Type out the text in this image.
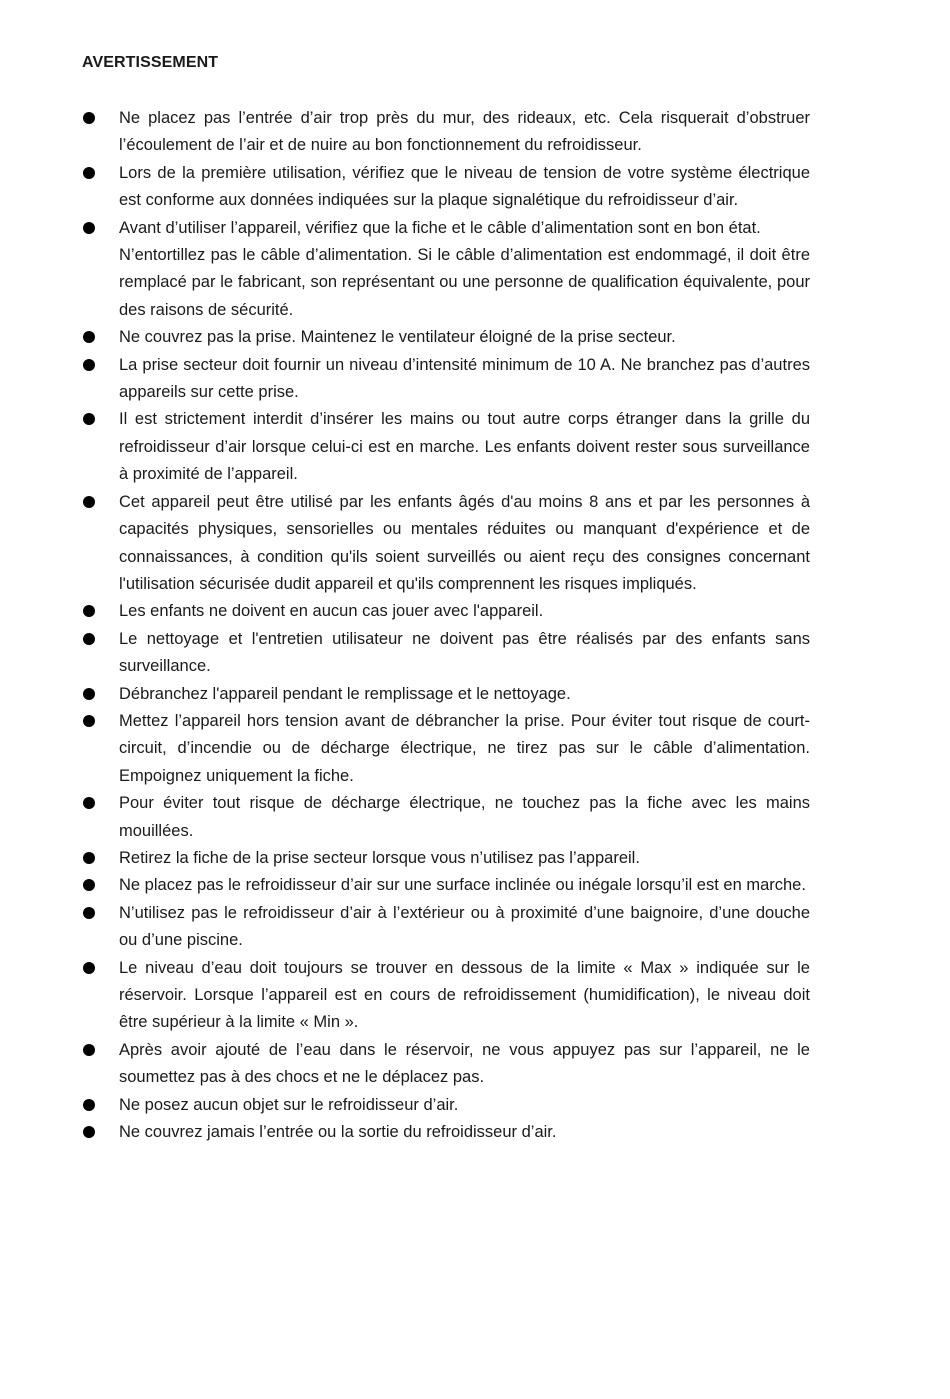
AVERTISSEMENT

Ne placez pas l’entrée d’air trop près du mur, des rideaux, etc. Cela risquerait d’obstruer l’écoulement de l’air et de nuire au bon fonctionnement du refroidisseur.

Lors de la première utilisation, vérifiez que le niveau de tension de votre système électrique est conforme aux données indiquées sur la plaque signalétique du refroidisseur d’air.

Avant d’utiliser l’appareil, vérifiez que la fiche et le câble d’alimentation sont en bon état.

N’entortillez pas le câble d’alimentation. Si le câble d’alimentation est endommagé, il doit être remplacé par le fabricant, son représentant ou une personne de qualification équivalente, pour des raisons de sécurité.

Ne couvrez pas la prise. Maintenez le ventilateur éloigné de la prise secteur.

La prise secteur doit fournir un niveau d’intensité minimum de 10 A. Ne branchez pas d’autres appareils sur cette prise.

Il est strictement interdit d’insérer les mains ou tout autre corps étranger dans la grille du refroidisseur d’air lorsque celui-ci est en marche. Les enfants doivent rester sous surveillance à proximité de l’appareil.

Cet appareil peut être utilisé par les enfants âgés d'au moins 8 ans et par les personnes à capacités physiques, sensorielles ou mentales réduites ou manquant d'expérience et de connaissances, à condition qu'ils soient surveillés ou aient reçu des consignes concernant l'utilisation sécurisée dudit appareil et qu'ils comprennent les risques impliqués.

Les enfants ne doivent en aucun cas jouer avec l'appareil.

Le nettoyage et l'entretien utilisateur ne doivent pas être réalisés par des enfants sans surveillance.

Débranchez l'appareil pendant le remplissage et le nettoyage.

Mettez l’appareil hors tension avant de débrancher la prise. Pour éviter tout risque de court-circuit, d’incendie ou de décharge électrique, ne tirez pas sur le câble d’alimentation. Empoignez uniquement la fiche.

Pour éviter tout risque de décharge électrique, ne touchez pas la fiche avec les mains mouillées.

Retirez la fiche de la prise secteur lorsque vous n’utilisez pas l’appareil.

Ne placez pas le refroidisseur d’air sur une surface inclinée ou inégale lorsqu’il est en marche.

N’utilisez pas le refroidisseur d’air à l’extérieur ou à proximité d’une baignoire, d’une douche ou d’une piscine.

Le niveau d’eau doit toujours se trouver en dessous de la limite « Max » indiquée sur le réservoir. Lorsque l’appareil est en cours de refroidissement (humidification), le niveau doit être supérieur à la limite « Min ».

Après avoir ajouté de l’eau dans le réservoir, ne vous appuyez pas sur l’appareil, ne le soumettez pas à des chocs et ne le déplacez pas.

Ne posez aucun objet sur le refroidisseur d’air.

Ne couvrez jamais l’entrée ou la sortie du refroidisseur d’air.
